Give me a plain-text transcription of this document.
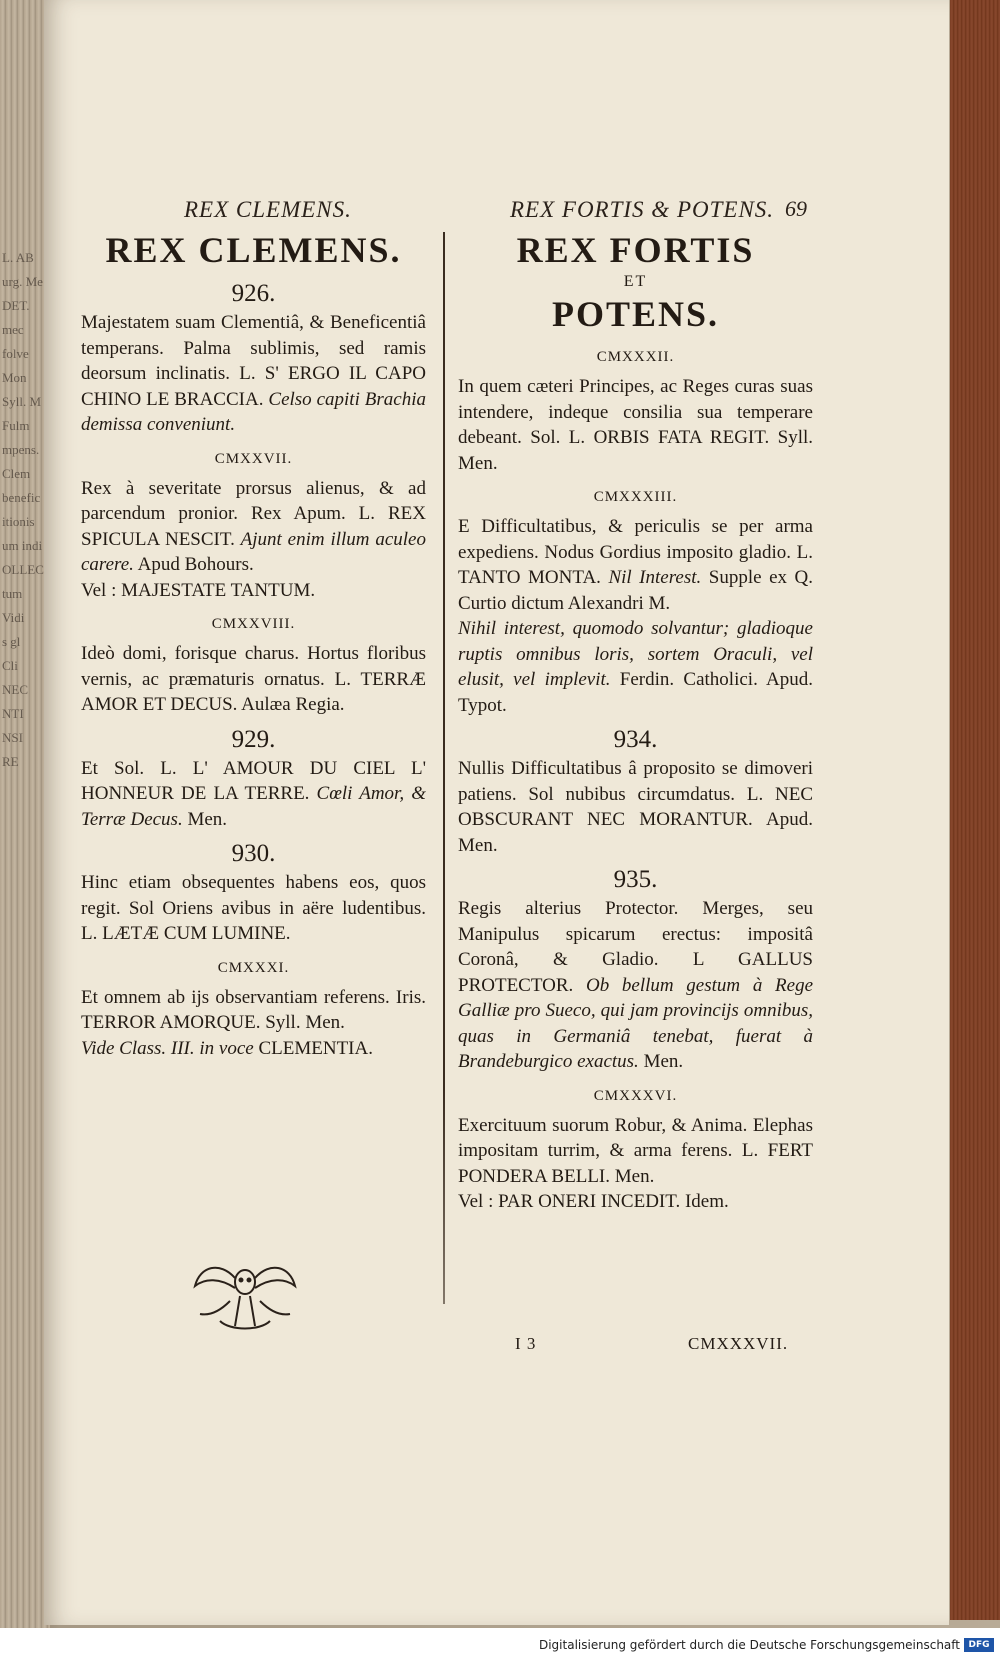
L. AB
urg. Me
DET.
mec
folve
Mon
Syll. M
Fulm
mpens.
Clem
benefic
itionis
um indi
OLLEC
tum
Vidi
s gl
Cli
NEC
NTI
NSI
RE
REX CLEMENS.	REX FORTIS & POTENS. 69
REX CLEMENS.
926.

Majestatem suam Clementiâ, & Beneficentiâ temperans. Palma sublimis, sed ramis deorsum inclinatis. L. S' ERGO IL CAPO CHINO LE BRACCIA. Celso capiti Brachia demissa conveniunt.

CMXXVII.

Rex à severitate prorsus alienus, & ad parcendum pronior. Rex Apum. L. REX SPICULA NESCIT. Ajunt enim illum aculeo carere. Apud Bohours.

Vel : MAJESTATE TANTUM.

CMXXVIII.

Ideò domi, forisque charus. Hortus floribus vernis, ac præmaturis ornatus. L. TERRÆ AMOR ET DECUS. Aulæa Regia.

929.

Et Sol. L. L' AMOUR DU CIEL L' HONNEUR DE LA TERRE. Cœli Amor, & Terræ Decus. Men.

930.

Hinc etiam obsequentes habens eos, quos regit. Sol Oriens avibus in aëre ludentibus. L. LÆTÆ CUM LUMINE.

CMXXXI.

Et omnem ab ijs observantiam referens. Iris. TERROR AMORQUE. Syll. Men.

Vide Class. III. in voce CLEMENTIA.

REX FORTIS
ET
POTENS.
CMXXXII.

In quem cæteri Principes, ac Reges curas suas intendere, indeque consilia sua temperare debeant. Sol. L. ORBIS FATA REGIT. Syll. Men.

CMXXXIII.

E Difficultatibus, & periculis se per arma expediens. Nodus Gordius imposito gladio. L. TANTO MONTA. Nil Interest. Supple ex Q. Curtio dictum Alexandri M.

Nihil interest, quomodo solvantur; gladioque ruptis omnibus loris, sortem Oraculi, vel elusit, vel implevit. Ferdin. Catholici. Apud. Typot.

934.

Nullis Difficultatibus â proposito se dimoveri patiens. Sol nubibus circumdatus. L. NEC OBSCURANT NEC MORANTUR. Apud. Men.

935.

Regis alterius Protector. Merges, seu Manipulus spicarum erectus: impositâ Coronâ, & Gladio. L GALLUS PROTECTOR. Ob bellum gestum à Rege Galliæ pro Sueco, qui jam provincijs omnibus, quas in Germaniâ tenebat, fuerat à Brandeburgico exactus. Men.

CMXXXVI.

Exercituum suorum Robur, & Anima. Elephas impositam turrim, & arma ferens. L. FERT PONDERA BELLI. Men.

Vel : PAR ONERI INCEDIT. Idem.

I 3	CMXXXVII.
Digitalisierung gefördert durch die Deutsche Forschungsgemeinschaft DFG
